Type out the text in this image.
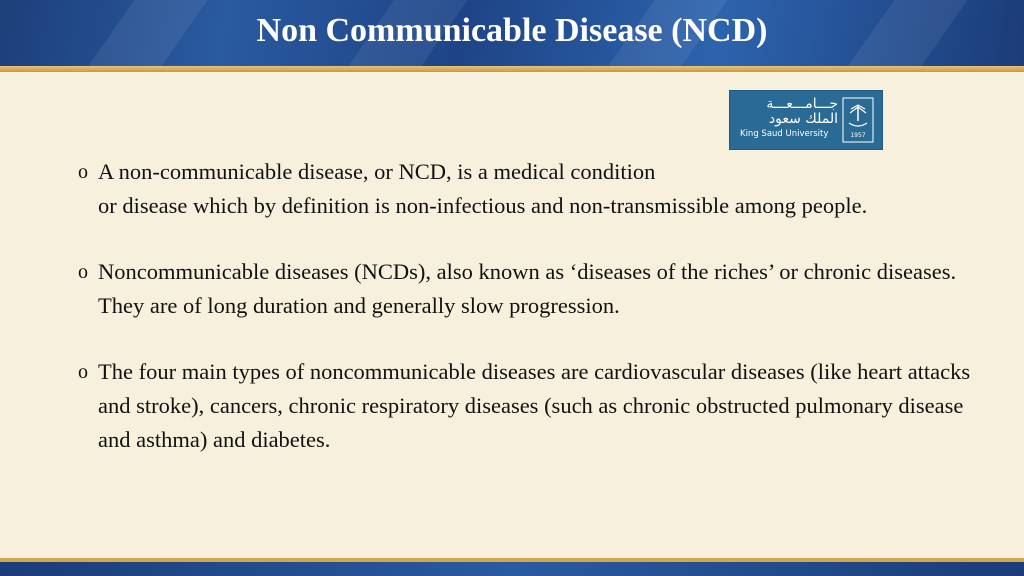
Non Communicable Disease (NCD)
جـــامـــعـــة
الملك سعود
King Saud University	1957
o A non-communicable disease, or NCD, is a medical condition
or disease which by definition is non-infectious and non-transmissible among people.
o Noncommunicable diseases (NCDs), also known as ‘diseases of the riches’ or chronic diseases. They are of long duration and generally slow progression.
o The four main types of noncommunicable diseases are cardiovascular diseases (like heart attacks and stroke), cancers, chronic respiratory diseases (such as chronic obstructed pulmonary disease and asthma) and diabetes.
